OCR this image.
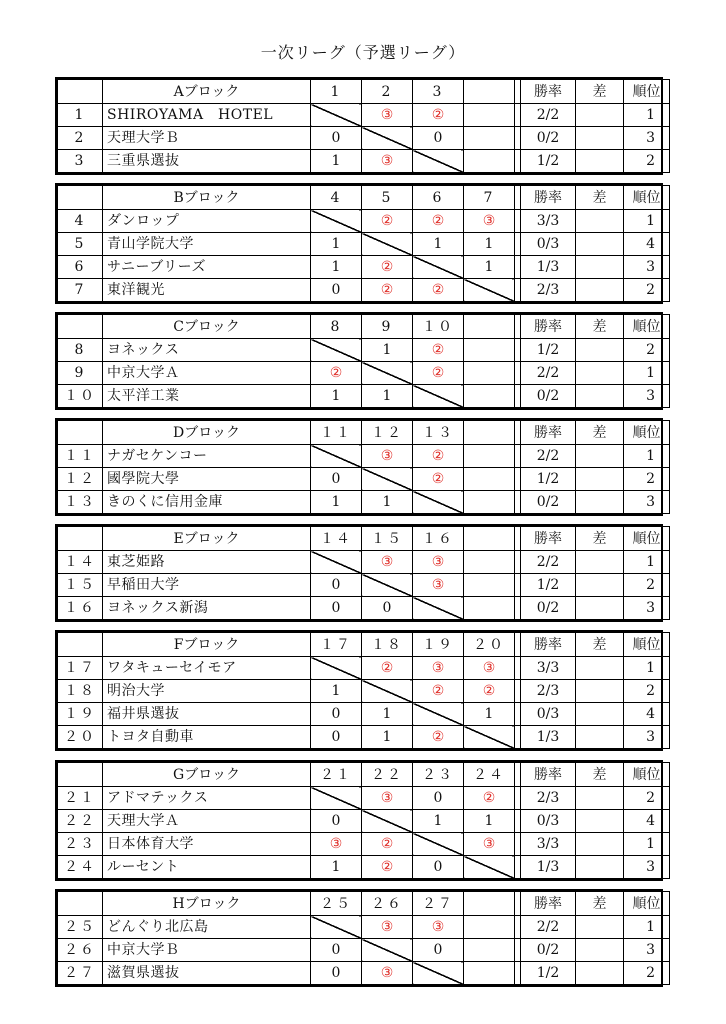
一次リーグ（予選リーグ）
	Aブロック	1	2	3			勝率	差	順位
1	SHIROYAMA　HOTEL		③	②			2/2		1
2	天理大学Ｂ	0		0			0/2		3
3	三重県選抜	1	③				1/2		2
	Bブロック	4	5	6	7		勝率	差	順位
4	ダンロップ		②	②	③		3/3		1
5	青山学院大学	1		1	1		0/3		4
6	サニーブリーズ	1	②		1		1/3		3
7	東洋観光	0	②	②			2/3		2
	Cブロック	8	9	１０			勝率	差	順位
8	ヨネックス		1	②			1/2		2
9	中京大学Ａ	②		②			2/2		1
１０	太平洋工業	1	1				0/2		3
	Dブロック	１１	１２	１３			勝率	差	順位
１１	ナガセケンコー		③	②			2/2		1
１２	國學院大學	0		②			1/2		2
１３	きのくに信用金庫	1	1				0/2		3
	Eブロック	１４	１５	１６			勝率	差	順位
１４	東芝姫路		③	③			2/2		1
１５	早稲田大学	0		③			1/2		2
１６	ヨネックス新潟	0	0				0/2		3
	Fブロック	１７	１８	１９	２０		勝率	差	順位
１７	ワタキューセイモア		②	③	③		3/3		1
１８	明治大学	1		②	②		2/3		2
１９	福井県選抜	0	1		1		0/3		4
２０	トヨタ自動車	0	1	②			1/3		3
	Gブロック	２１	２２	２３	２４		勝率	差	順位
２１	アドマテックス		③	0	②		2/3		2
２２	天理大学Ａ	0		1	1		0/3		4
２３	日本体育大学	③	②		③		3/3		1
２４	ルーセント	1	②	0			1/3		3
	Hブロック	２５	２６	２７			勝率	差	順位
２５	どんぐり北広島		③	③			2/2		1
２６	中京大学Ｂ	0		0			0/2		3
２７	滋賀県選抜	0	③				1/2		2
